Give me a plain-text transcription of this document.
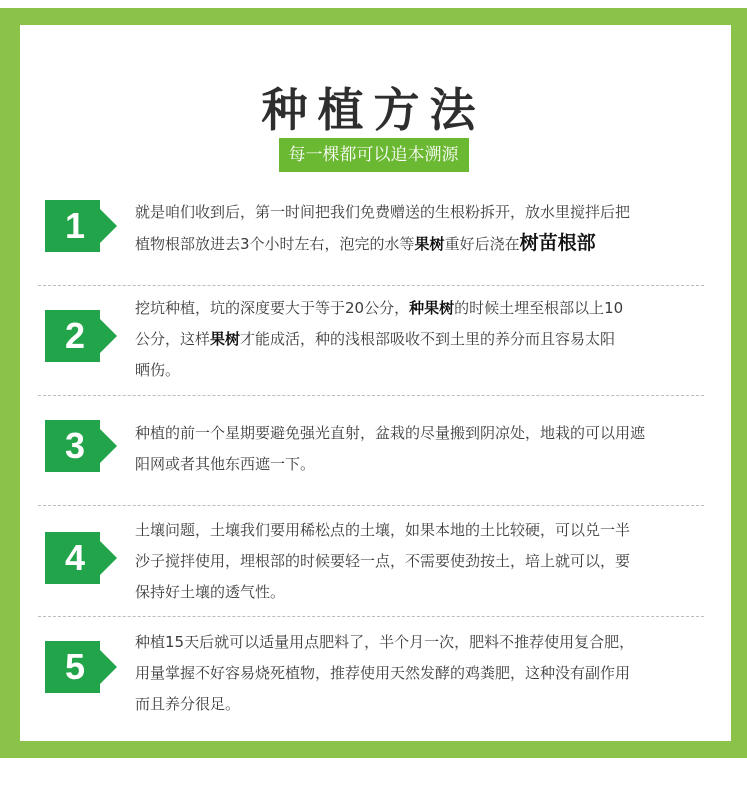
种植方法
每一棵都可以追本溯源
1	就是咱们收到后，第一时间把我们免费赠送的生根粉拆开，放水里搅拌后把
植物根部放进去3个小时左右，泡完的水等果树重好后浇在树苗根部
2
挖坑种植，坑的深度要大于等于20公分，种果树的时候土埋至根部以上10
公分，这样果树才能成活，种的浅根部吸收不到土里的养分而且容易太阳
晒伤。
3	种植的前一个星期要避免强光直射，盆栽的尽量搬到阴凉处，地栽的可以用遮
阳网或者其他东西遮一下。
4
土壤问题，土壤我们要用稀松点的土壤，如果本地的土比较硬，可以兑一半
沙子搅拌使用，埋根部的时候要轻一点，不需要使劲按土，培上就可以，要
保持好土壤的透气性。
5
种植15天后就可以适量用点肥料了，半个月一次，肥料不推荐使用复合肥，
用量掌握不好容易烧死植物，推荐使用天然发酵的鸡粪肥，这种没有副作用
而且养分很足。
